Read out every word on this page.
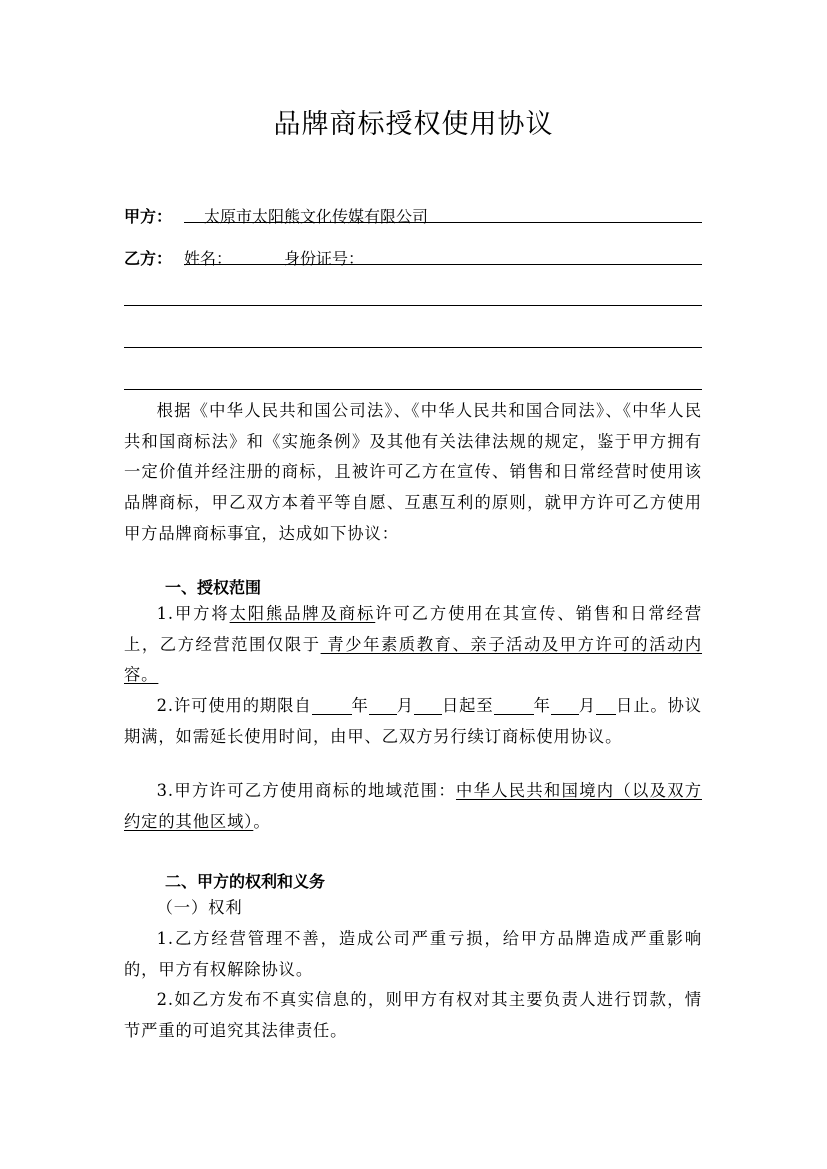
品牌商标授权使用协议
甲方： 太原市太阳熊文化传媒有限公司
乙方： 姓名：	身份证号：
根据《中华人民共和国公司法》、《中华人民共和国合同法》、《中华人民共和国商标法》和《实施条例》及其他有关法律法规的规定，鉴于甲方拥有一定价值并经注册的商标，且被许可乙方在宣传、销售和日常经营时使用该品牌商标，甲乙双方本着平等自愿、互惠互利的原则，就甲方许可乙方使用甲方品牌商标事宜，达成如下协议：
一、授权范围
1.甲方将太阳熊品牌及商标许可乙方使用在其宣传、销售和日常经营上，乙方经营范围仅限于 青少年素质教育、亲子活动及甲方许可的活动内容。
2.许可使用的期限自 年 月 日起至 年 月 日止。协议期满，如需延长使用时间，由甲、乙双方另行续订商标使用协议。
3.甲方许可乙方使用商标的地域范围：中华人民共和国境内（以及双方约定的其他区域）。
二、甲方的权利和义务
（一）权利
1.乙方经营管理不善，造成公司严重亏损，给甲方品牌造成严重影响的，甲方有权解除协议。
2.如乙方发布不真实信息的，则甲方有权对其主要负责人进行罚款，情节严重的可追究其法律责任。
